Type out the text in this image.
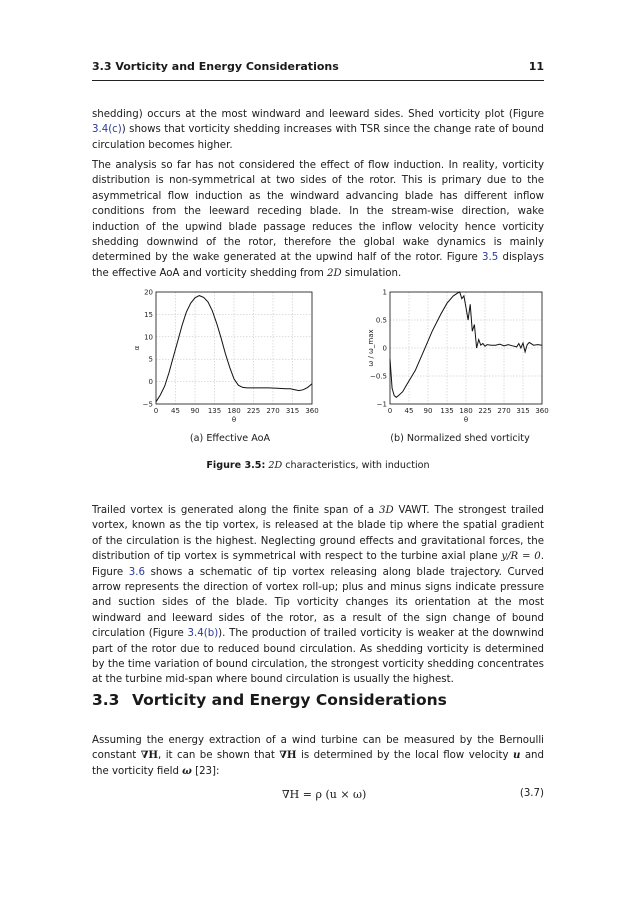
3.3 Vorticity and Energy Considerations	11

shedding) occurs at the most windward and leeward sides. Shed vorticity plot (Figure 3.4(c)) shows that vorticity shedding increases with TSR since the change rate of bound circulation becomes higher.

The analysis so far has not considered the effect of flow induction. In reality, vorticity distribution is non-symmetrical at two sides of the rotor. This is primary due to the asymmetrical flow induction as the windward advancing blade has different inflow conditions from the leeward receding blade. In the stream-wise direction, wake induction of the upwind blade passage reduces the inflow velocity hence vorticity shedding downwind of the rotor, therefore the global wake dynamics is mainly determined by the wake generated at the upwind half of the rotor. Figure 3.5 displays the effective AoA and vorticity shedding from 2D simulation.

0 45 90 135 180 225 270 315 360
−5
0
5
10
15
20
θ
α
0 45 90 135 180 225 270 315 360
−1
−0.5
0
0.5
1
θ
ω / ω_max
(a) Effective AoA	(b) Normalized shed vorticity
Figure 3.5: 2D characteristics, with induction

Trailed vortex is generated along the finite span of a 3D VAWT. The strongest trailed vortex, known as the tip vortex, is released at the blade tip where the spatial gradient of the circulation is the highest. Neglecting ground effects and gravitational forces, the distribution of tip vortex is symmetrical with respect to the turbine axial plane y/R = 0. Figure 3.6 shows a schematic of tip vortex releasing along blade trajectory. Curved arrow represents the direction of vortex roll-up; plus and minus signs indicate pressure and suction sides of the blade. Tip vorticity changes its orientation at the most windward and leeward sides of the rotor, as a result of the sign change of bound circulation (Figure 3.4(b)). The production of trailed vorticity is weaker at the downwind part of the rotor due to reduced bound circulation. As shedding vorticity is determined by the time variation of bound circulation, the strongest vorticity shedding concentrates at the turbine mid-span where bound circulation is usually the highest.

3.3 Vorticity and Energy Considerations

Assuming the energy extraction of a wind turbine can be measured by the Bernoulli constant ∇H, it can be shown that ∇H is determined by the local flow velocity u and the vorticity field ω [23]:

∇H = ρ (u × ω)	(3.7)
